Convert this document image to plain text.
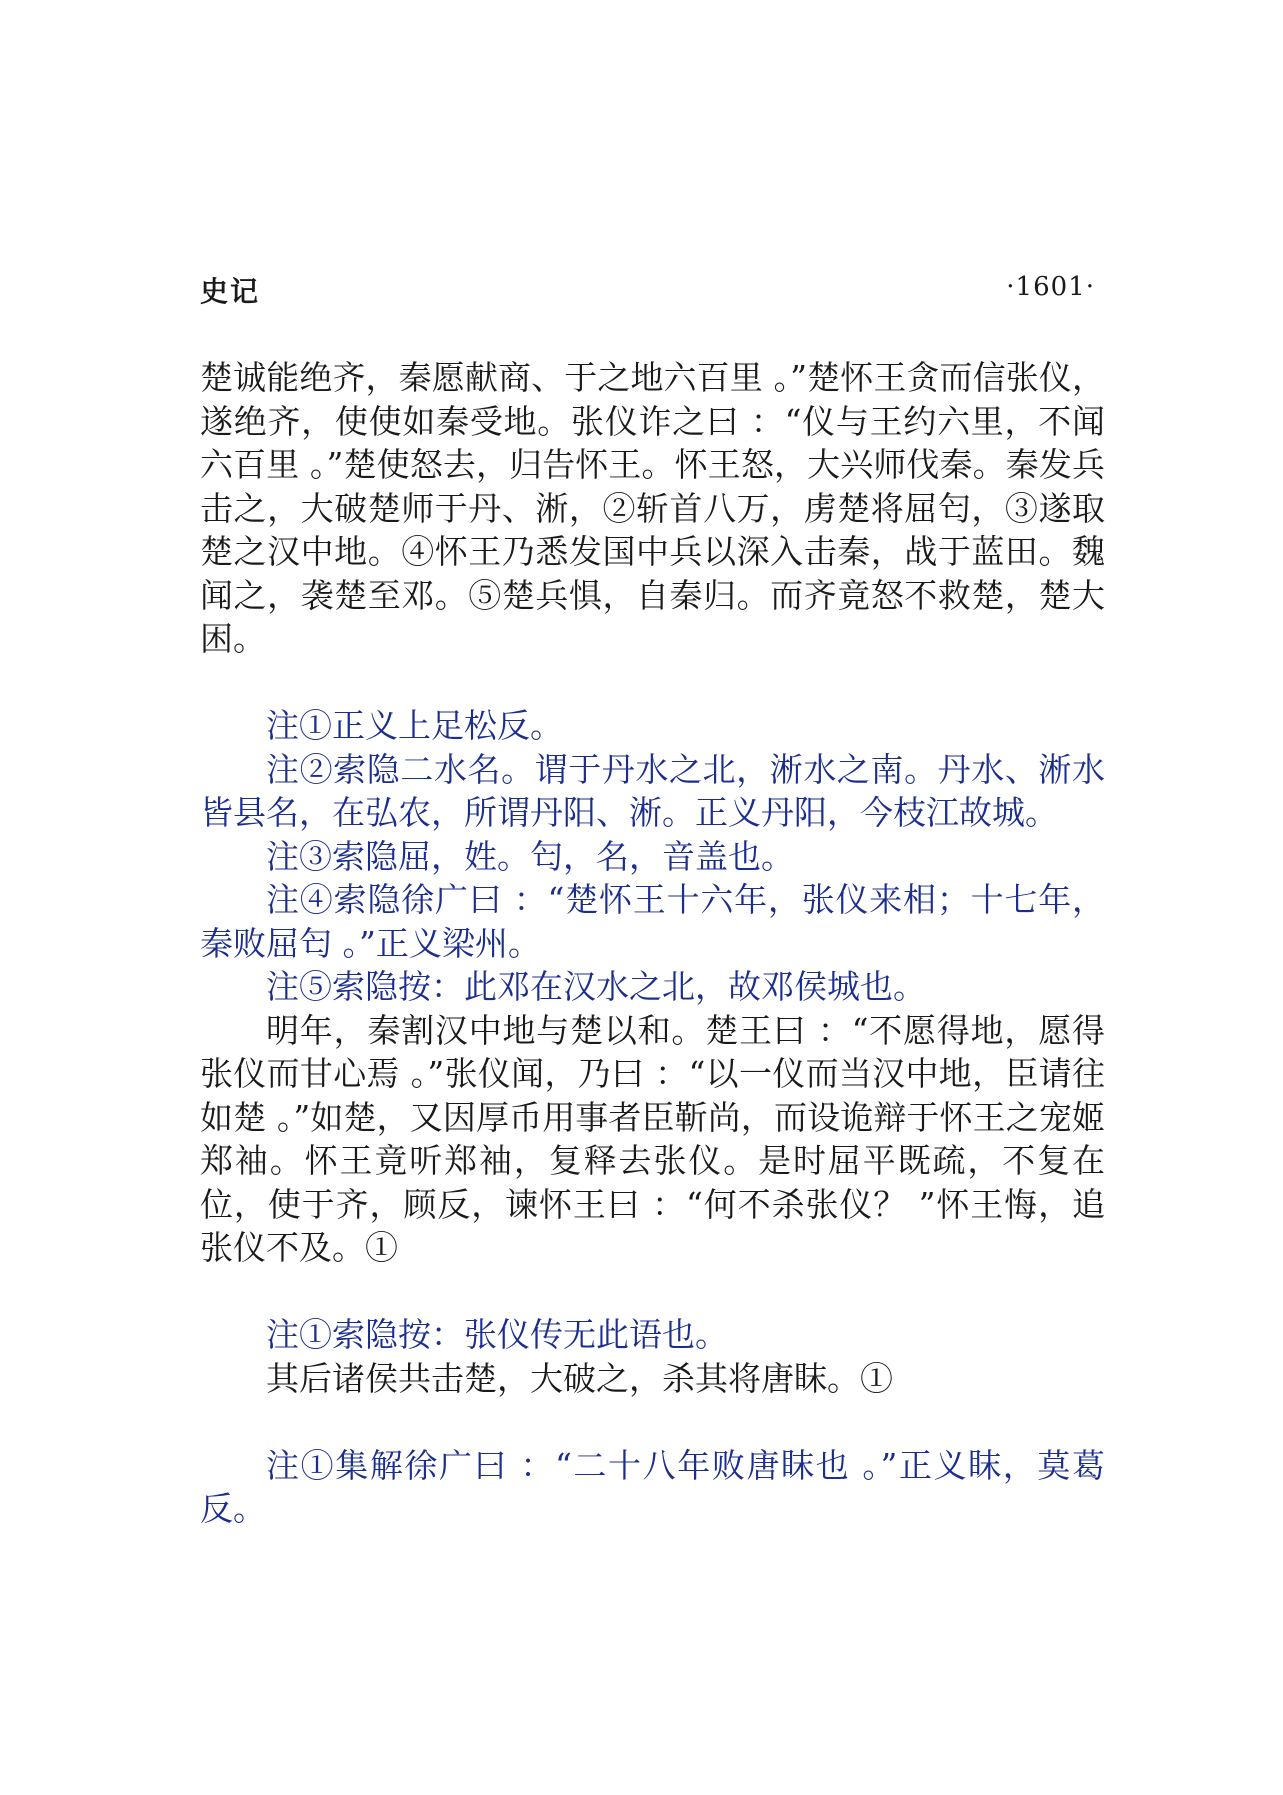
史记	·1601·

楚诚能绝齐，秦愿献商、于之地六百里 。”楚怀王贪而信张仪，遂绝齐，使使如秦受地。张仪诈之曰 ：“仪与王约六里，不闻六百里 。”楚使怒去，归告怀王。怀王怒，大兴师伐秦。秦发兵击之，大破楚师于丹、淅，②斩首八万，虏楚将屈匄，③遂取楚之汉中地。④怀王乃悉发国中兵以深入击秦，战于蓝田。魏闻之，袭楚至邓。⑤楚兵惧，自秦归。而齐竟怒不救楚，楚大困。

注①正义上足松反。

注②索隐二水名。谓于丹水之北，淅水之南。丹水、淅水皆县名，在弘农，所谓丹阳、淅。正义丹阳，今枝江故城。

注③索隐屈，姓。匄，名，音盖也。

注④索隐徐广曰 ：“楚怀王十六年，张仪来相；十七年，秦败屈匄 。”正义梁州。

注⑤索隐按：此邓在汉水之北，故邓侯城也。

明年，秦割汉中地与楚以和。楚王曰 ：“不愿得地，愿得张仪而甘心焉 。”张仪闻，乃曰 ：“以一仪而当汉中地，臣请往如楚 。”如楚，又因厚币用事者臣靳尚，而设诡辩于怀王之宠姬郑袖。怀王竟听郑袖，复释去张仪。是时屈平既疏，不复在位，使于齐，顾反，谏怀王曰 ：“何不杀张仪？ ”怀王悔，追张仪不及。①

注①索隐按：张仪传无此语也。

其后诸侯共击楚，大破之，杀其将唐眜。①

注①集解徐广曰 ：“二十八年败唐眜也 。”正义眜，莫葛反。
